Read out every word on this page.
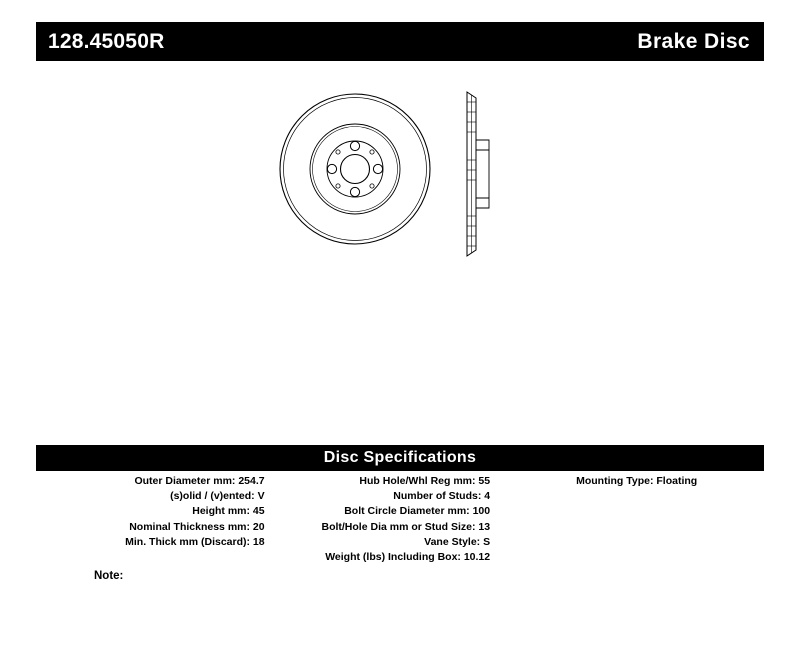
128.45050R	Brake Disc
Disc Specifications
Outer Diameter mm: 254.7
(s)olid / (v)ented: V
Height mm: 45
Nominal Thickness mm: 20
Min. Thick mm (Discard): 18
Hub Hole/Whl Reg mm: 55
Number of Studs: 4
Bolt Circle Diameter mm: 100
Bolt/Hole Dia mm or Stud Size: 13
Vane Style: S
Weight (lbs) Including Box: 10.12
Mounting Type: Floating
Note:
